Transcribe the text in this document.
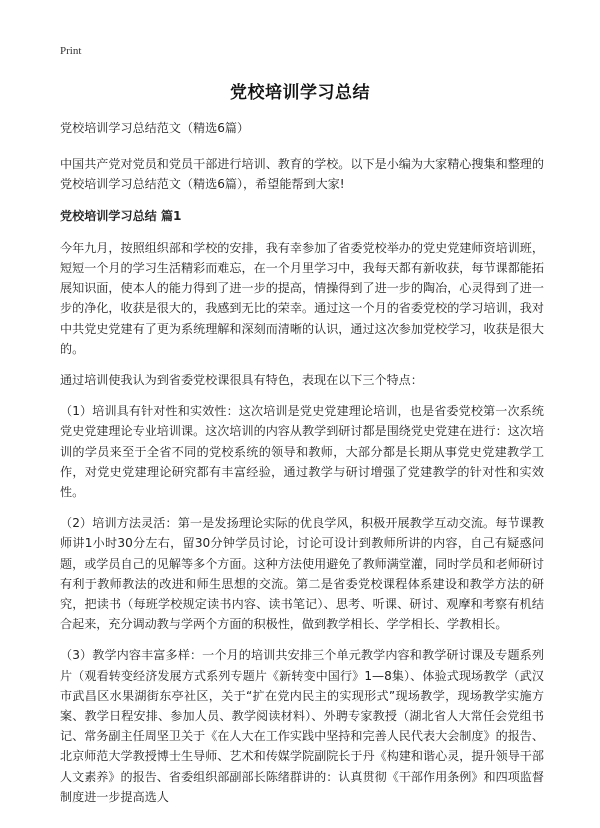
Print
党校培训学习总结

党校培训学习总结范文（精选6篇）

中国共产党对党员和党员干部进行培训、教育的学校。以下是小编为大家精心搜集和整理的党校培训学习总结范文（精选6篇），希望能帮到大家!

党校培训学习总结 篇1

今年九月，按照组织部和学校的安排，我有幸参加了省委党校举办的党史党建师资培训班，短短一个月的学习生活精彩而难忘，在一个月里学习中，我每天都有新收获，每节课都能拓展知识面，使本人的能力得到了进一步的提高，情操得到了进一步的陶冶，心灵得到了进一步的净化，收获是很大的，我感到无比的荣幸。通过这一个月的省委党校的学习培训，我对中共党史党建有了更为系统理解和深刻而清晰的认识，通过这次参加党校学习，收获是很大的。

通过培训使我认为到省委党校课很具有特色，表现在以下三个特点：

（1）培训具有针对性和实效性：这次培训是党史党建理论培训，也是省委党校第一次系统党史党建理论专业培训课。这次培训的内容从教学到研讨都是围绕党史党建在进行：这次培训的学员来至于全省不同的党校系统的领导和教师，大部分都是长期从事党史党建教学工作，对党史党建理论研究都有丰富经验，通过教学与研讨增强了党建教学的针对性和实效性。

（2）培训方法灵活：第一是发扬理论实际的优良学风，积极开展教学互动交流。每节课教师讲1小时30分左右，留30分钟学员讨论，讨论可设计到教师所讲的内容，自己有疑惑问题，或学员自己的见解等多个方面。这种方法使用避免了教师满堂灌，同时学员和老师研讨有利于教师教法的改进和师生思想的交流。第二是省委党校课程体系建设和教学方法的研究，把读书（每班学校规定读书内容、读书笔记）、思考、听课、研讨、观摩和考察有机结合起来，充分调动教与学两个方面的积极性，做到教学相长、学学相长、学教相长。

（3）教学内容丰富多样：一个月的培训共安排三个单元教学内容和教学研讨课及专题系列片（观看转变经济发展方式系列专题片《新转变中国行》1—8集）、体验式现场教学（武汉市武昌区水果湖街东亭社区，关于“扩在党内民主的实现形式”现场教学，现场教学实施方案、教学日程安排、参加人员、教学阅读材料）、外聘专家教授（湖北省人大常任会党组书记、常务副主任周坚卫关于《在人大在工作实践中坚持和完善人民代表大会制度》的报告、北京师范大学教授博士生导师、艺术和传媒学院副院长于丹《构建和谐心灵，提升领导干部人文素养》的报告、省委组织部副部长陈绪群讲的：认真贯彻《干部作用条例》和四项监督制度进一步提高选人
